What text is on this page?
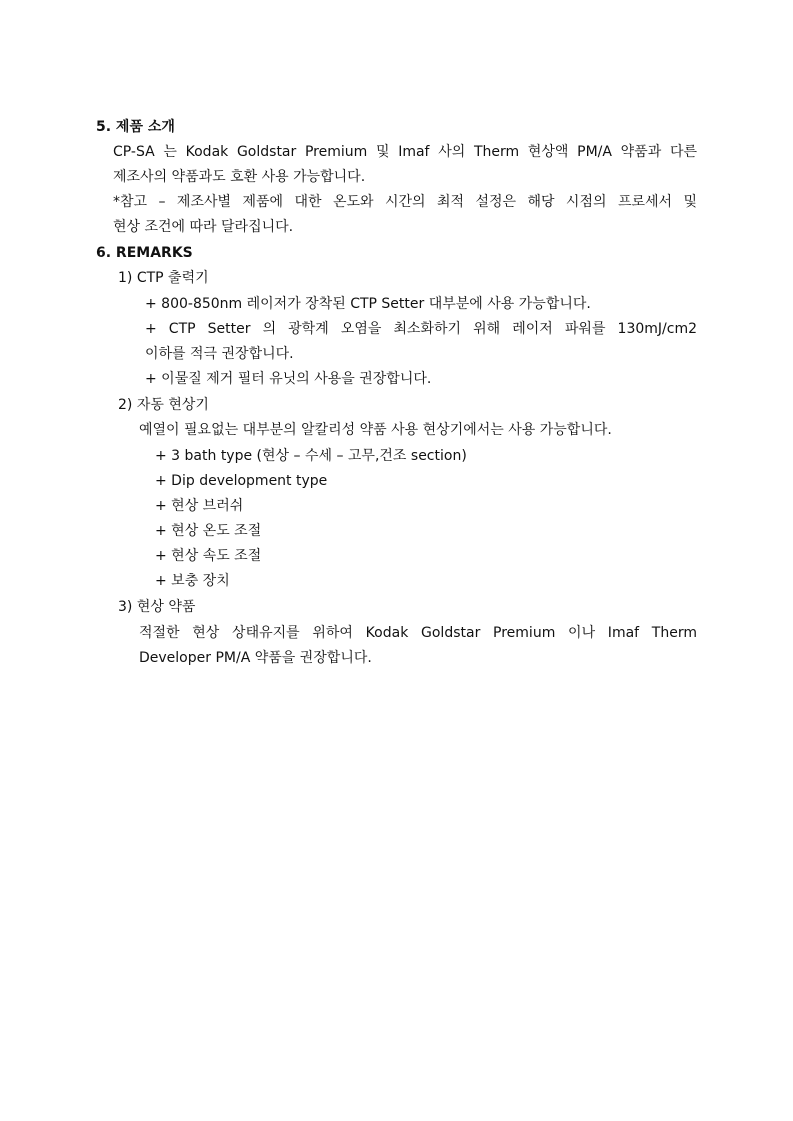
5. 제품 소개
CP-SA 는 Kodak Goldstar Premium 및 Imaf 사의 Therm 현상액 PM/A 약품과 다른
제조사의 약품과도 호환 사용 가능합니다.
*참고 – 제조사별 제품에 대한 온도와 시간의 최적 설정은 해당 시점의 프로세서 및
현상 조건에 따라 달라집니다.
6. REMARKS
1) CTP 출력기
+ 800-850nm 레이저가 장착된 CTP Setter 대부분에 사용 가능합니다.
+ CTP Setter 의 광학계 오염을 최소화하기 위해 레이저 파워를 130mJ/cm2
이하를 적극 권장합니다.
+ 이물질 제거 필터 유닛의 사용을 권장합니다.
2) 자동 현상기
예열이 필요없는 대부분의 알칼리성 약품 사용 현상기에서는 사용 가능합니다.
+ 3 bath type (현상 – 수세 – 고무,건조 section)
+ Dip development type
+ 현상 브러쉬
+ 현상 온도 조절
+ 현상 속도 조절
+ 보충 장치
3) 현상 약품
적절한 현상 상태유지를 위하여 Kodak Goldstar Premium 이나 Imaf Therm
Developer PM/A 약품을 권장합니다.
